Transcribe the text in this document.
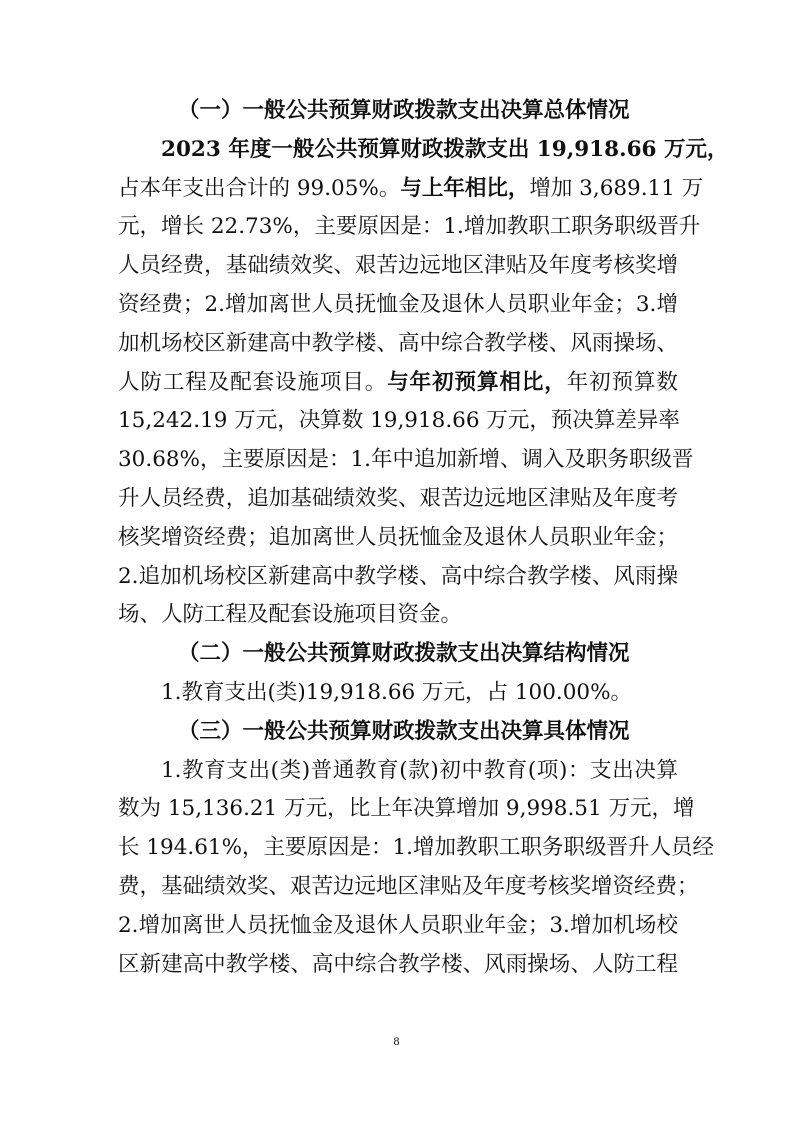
（一）一般公共预算财政拨款支出决算总体情况
2023 年度一般公共预算财政拨款支出 19,918.66 万元，
占本年支出合计的 99.05%。与上年相比，增加 3,689.11 万
元，增长 22.73%，主要原因是：1.增加教职工职务职级晋升
人员经费，基础绩效奖、艰苦边远地区津贴及年度考核奖增
资经费；2.增加离世人员抚恤金及退休人员职业年金；3.增
加机场校区新建高中教学楼、高中综合教学楼、风雨操场、
人防工程及配套设施项目。与年初预算相比，年初预算数
15,242.19 万元，决算数 19,918.66 万元，预决算差异率
30.68%，主要原因是：1.年中追加新增、调入及职务职级晋
升人员经费，追加基础绩效奖、艰苦边远地区津贴及年度考
核奖增资经费；追加离世人员抚恤金及退休人员职业年金；
2.追加机场校区新建高中教学楼、高中综合教学楼、风雨操
场、人防工程及配套设施项目资金。
（二）一般公共预算财政拨款支出决算结构情况
1.教育支出(类)19,918.66 万元，占 100.00%。
（三）一般公共预算财政拨款支出决算具体情况
1.教育支出(类)普通教育(款)初中教育(项)：支出决算
数为 15,136.21 万元，比上年决算增加 9,998.51 万元，增
长 194.61%，主要原因是：1.增加教职工职务职级晋升人员经
费，基础绩效奖、艰苦边远地区津贴及年度考核奖增资经费；
2.增加离世人员抚恤金及退休人员职业年金；3.增加机场校
区新建高中教学楼、高中综合教学楼、风雨操场、人防工程
8
